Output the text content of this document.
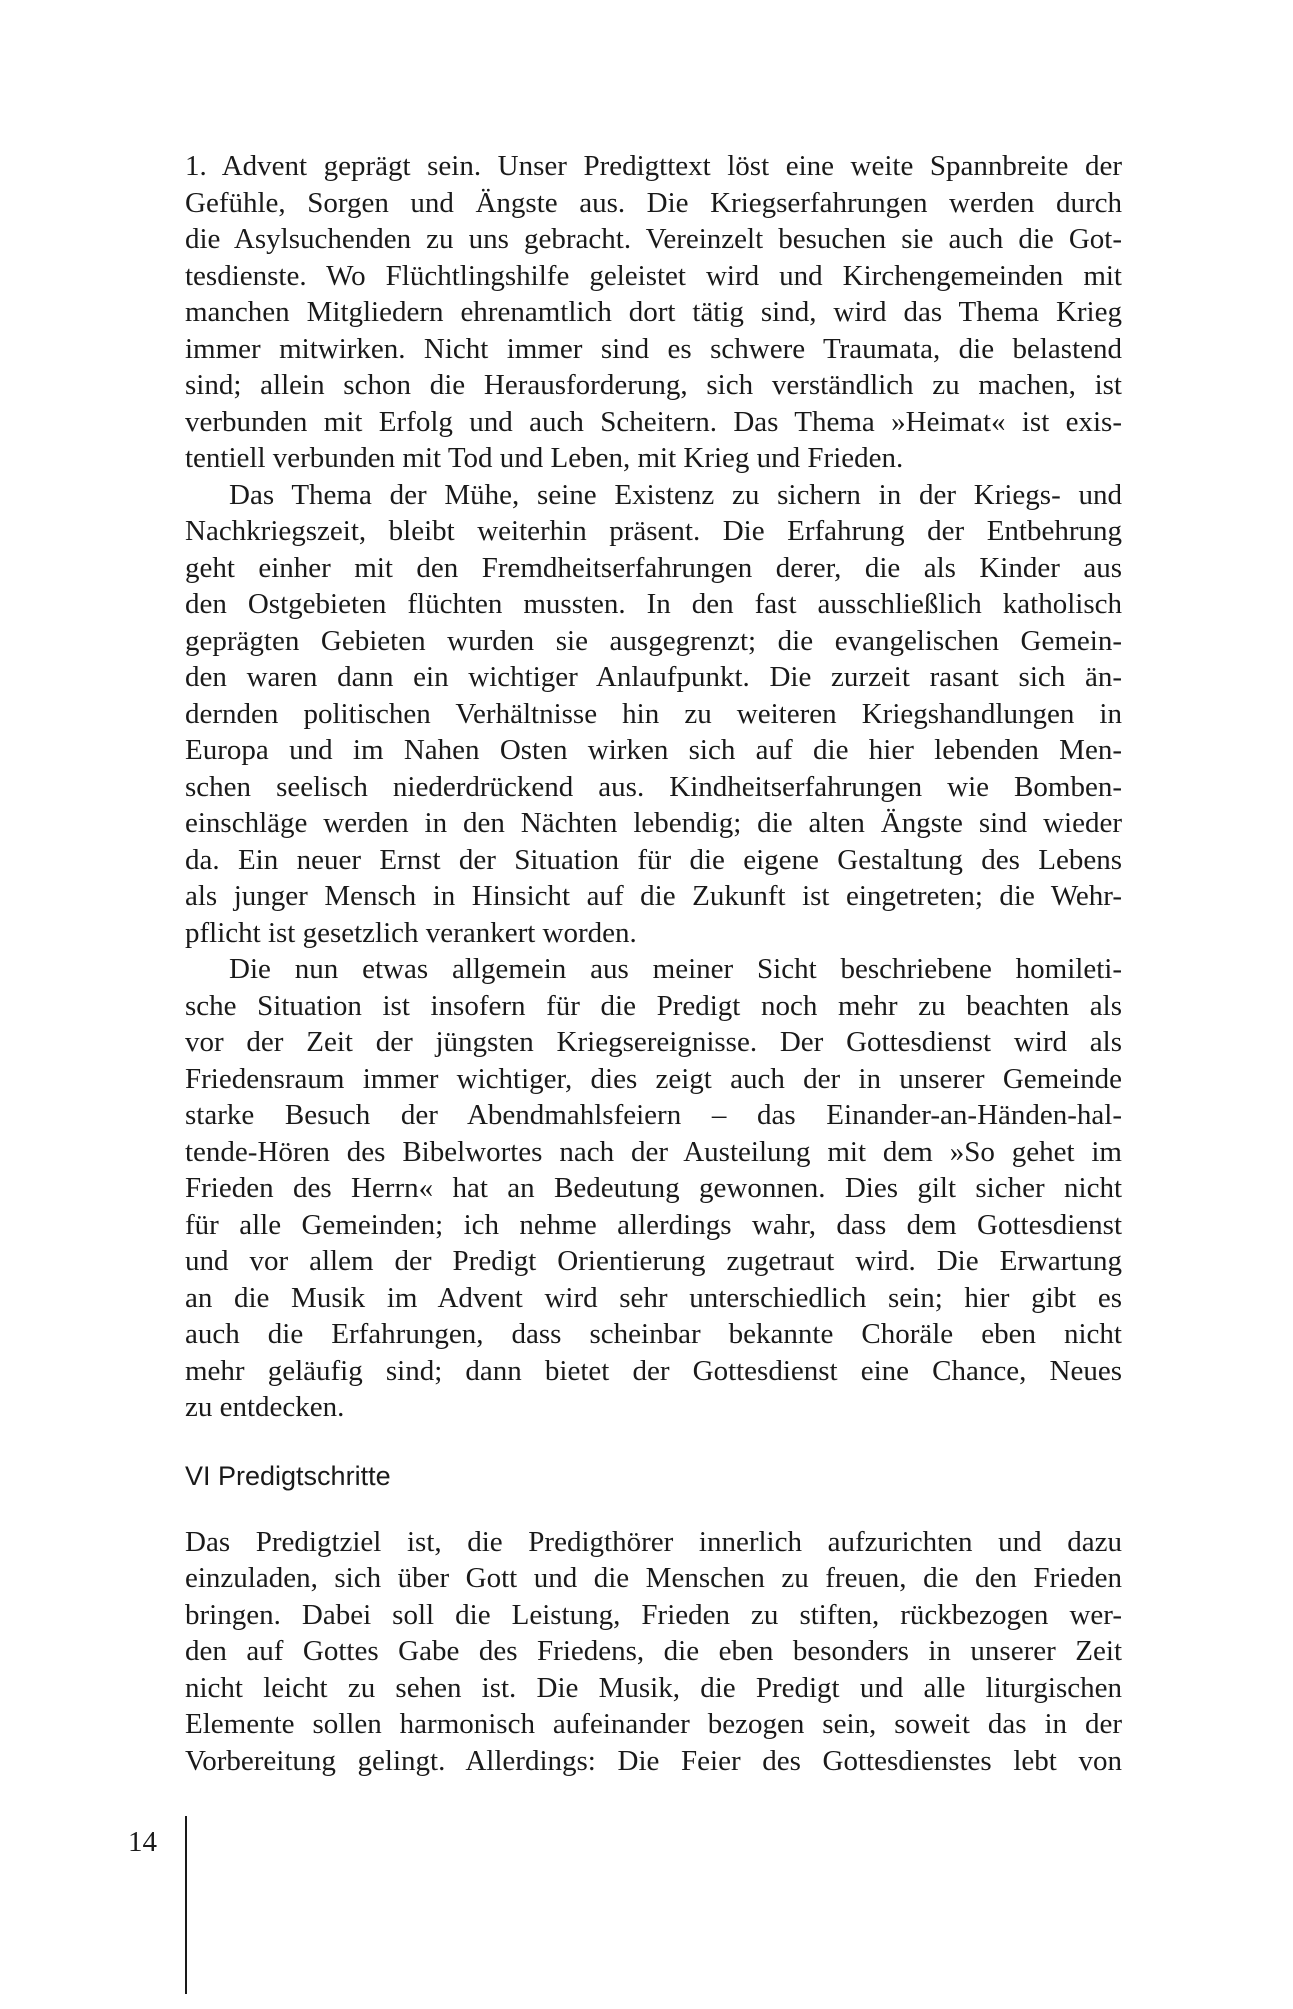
1. Advent geprägt sein. Unser Predigttext löst eine weite Spannbreite der
Gefühle, Sorgen und Ängste aus. Die Kriegserfahrungen werden durch
die Asylsuchenden zu uns gebracht. Vereinzelt besuchen sie auch die Got-
tesdienste. Wo Flüchtlingshilfe geleistet wird und Kirchengemeinden mit
manchen Mitgliedern ehrenamtlich dort tätig sind, wird das Thema Krieg
immer mitwirken. Nicht immer sind es schwere Traumata, die belastend
sind; allein schon die Herausforderung, sich verständlich zu machen, ist
verbunden mit Erfolg und auch Scheitern. Das Thema »Heimat« ist exis-
tentiell verbunden mit Tod und Leben, mit Krieg und Frieden.
Das Thema der Mühe, seine Existenz zu sichern in der Kriegs- und
Nachkriegszeit, bleibt weiterhin präsent. Die Erfahrung der Entbehrung
geht einher mit den Fremdheitserfahrungen derer, die als Kinder aus
den Ostgebieten flüchten mussten. In den fast ausschließlich katholisch
geprägten Gebieten wurden sie ausgegrenzt; die evangelischen Gemein-
den waren dann ein wichtiger Anlaufpunkt. Die zurzeit rasant sich än-
dernden politischen Verhältnisse hin zu weiteren Kriegshandlungen in
Europa und im Nahen Osten wirken sich auf die hier lebenden Men-
schen seelisch niederdrückend aus. Kindheitserfahrungen wie Bomben-
einschläge werden in den Nächten lebendig; die alten Ängste sind wieder
da. Ein neuer Ernst der Situation für die eigene Gestaltung des Lebens
als junger Mensch in Hinsicht auf die Zukunft ist eingetreten; die Wehr-
pflicht ist gesetzlich verankert worden.
Die nun etwas allgemein aus meiner Sicht beschriebene homileti-
sche Situation ist insofern für die Predigt noch mehr zu beachten als
vor der Zeit der jüngsten Kriegsereignisse. Der Gottesdienst wird als
Friedensraum immer wichtiger, dies zeigt auch der in unserer Gemeinde
starke Besuch der Abendmahlsfeiern – das Einander-an-Händen-hal-
tende-Hören des Bibelwortes nach der Austeilung mit dem »So gehet im
Frieden des Herrn« hat an Bedeutung gewonnen. Dies gilt sicher nicht
für alle Gemeinden; ich nehme allerdings wahr, dass dem Gottesdienst
und vor allem der Predigt Orientierung zugetraut wird. Die Erwartung
an die Musik im Advent wird sehr unterschiedlich sein; hier gibt es
auch die Erfahrungen, dass scheinbar bekannte Choräle eben nicht
mehr geläufig sind; dann bietet der Gottesdienst eine Chance, Neues
zu entdecken.
VI Predigtschritte
Das Predigtziel ist, die Predigthörer innerlich aufzurichten und dazu
einzuladen, sich über Gott und die Menschen zu freuen, die den Frieden
bringen. Dabei soll die Leistung, Frieden zu stiften, rückbezogen wer-
den auf Gottes Gabe des Friedens, die eben besonders in unserer Zeit
nicht leicht zu sehen ist. Die Musik, die Predigt und alle liturgischen
Elemente sollen harmonisch aufeinander bezogen sein, soweit das in der
Vorbereitung gelingt. Allerdings: Die Feier des Gottesdienstes lebt von
14
